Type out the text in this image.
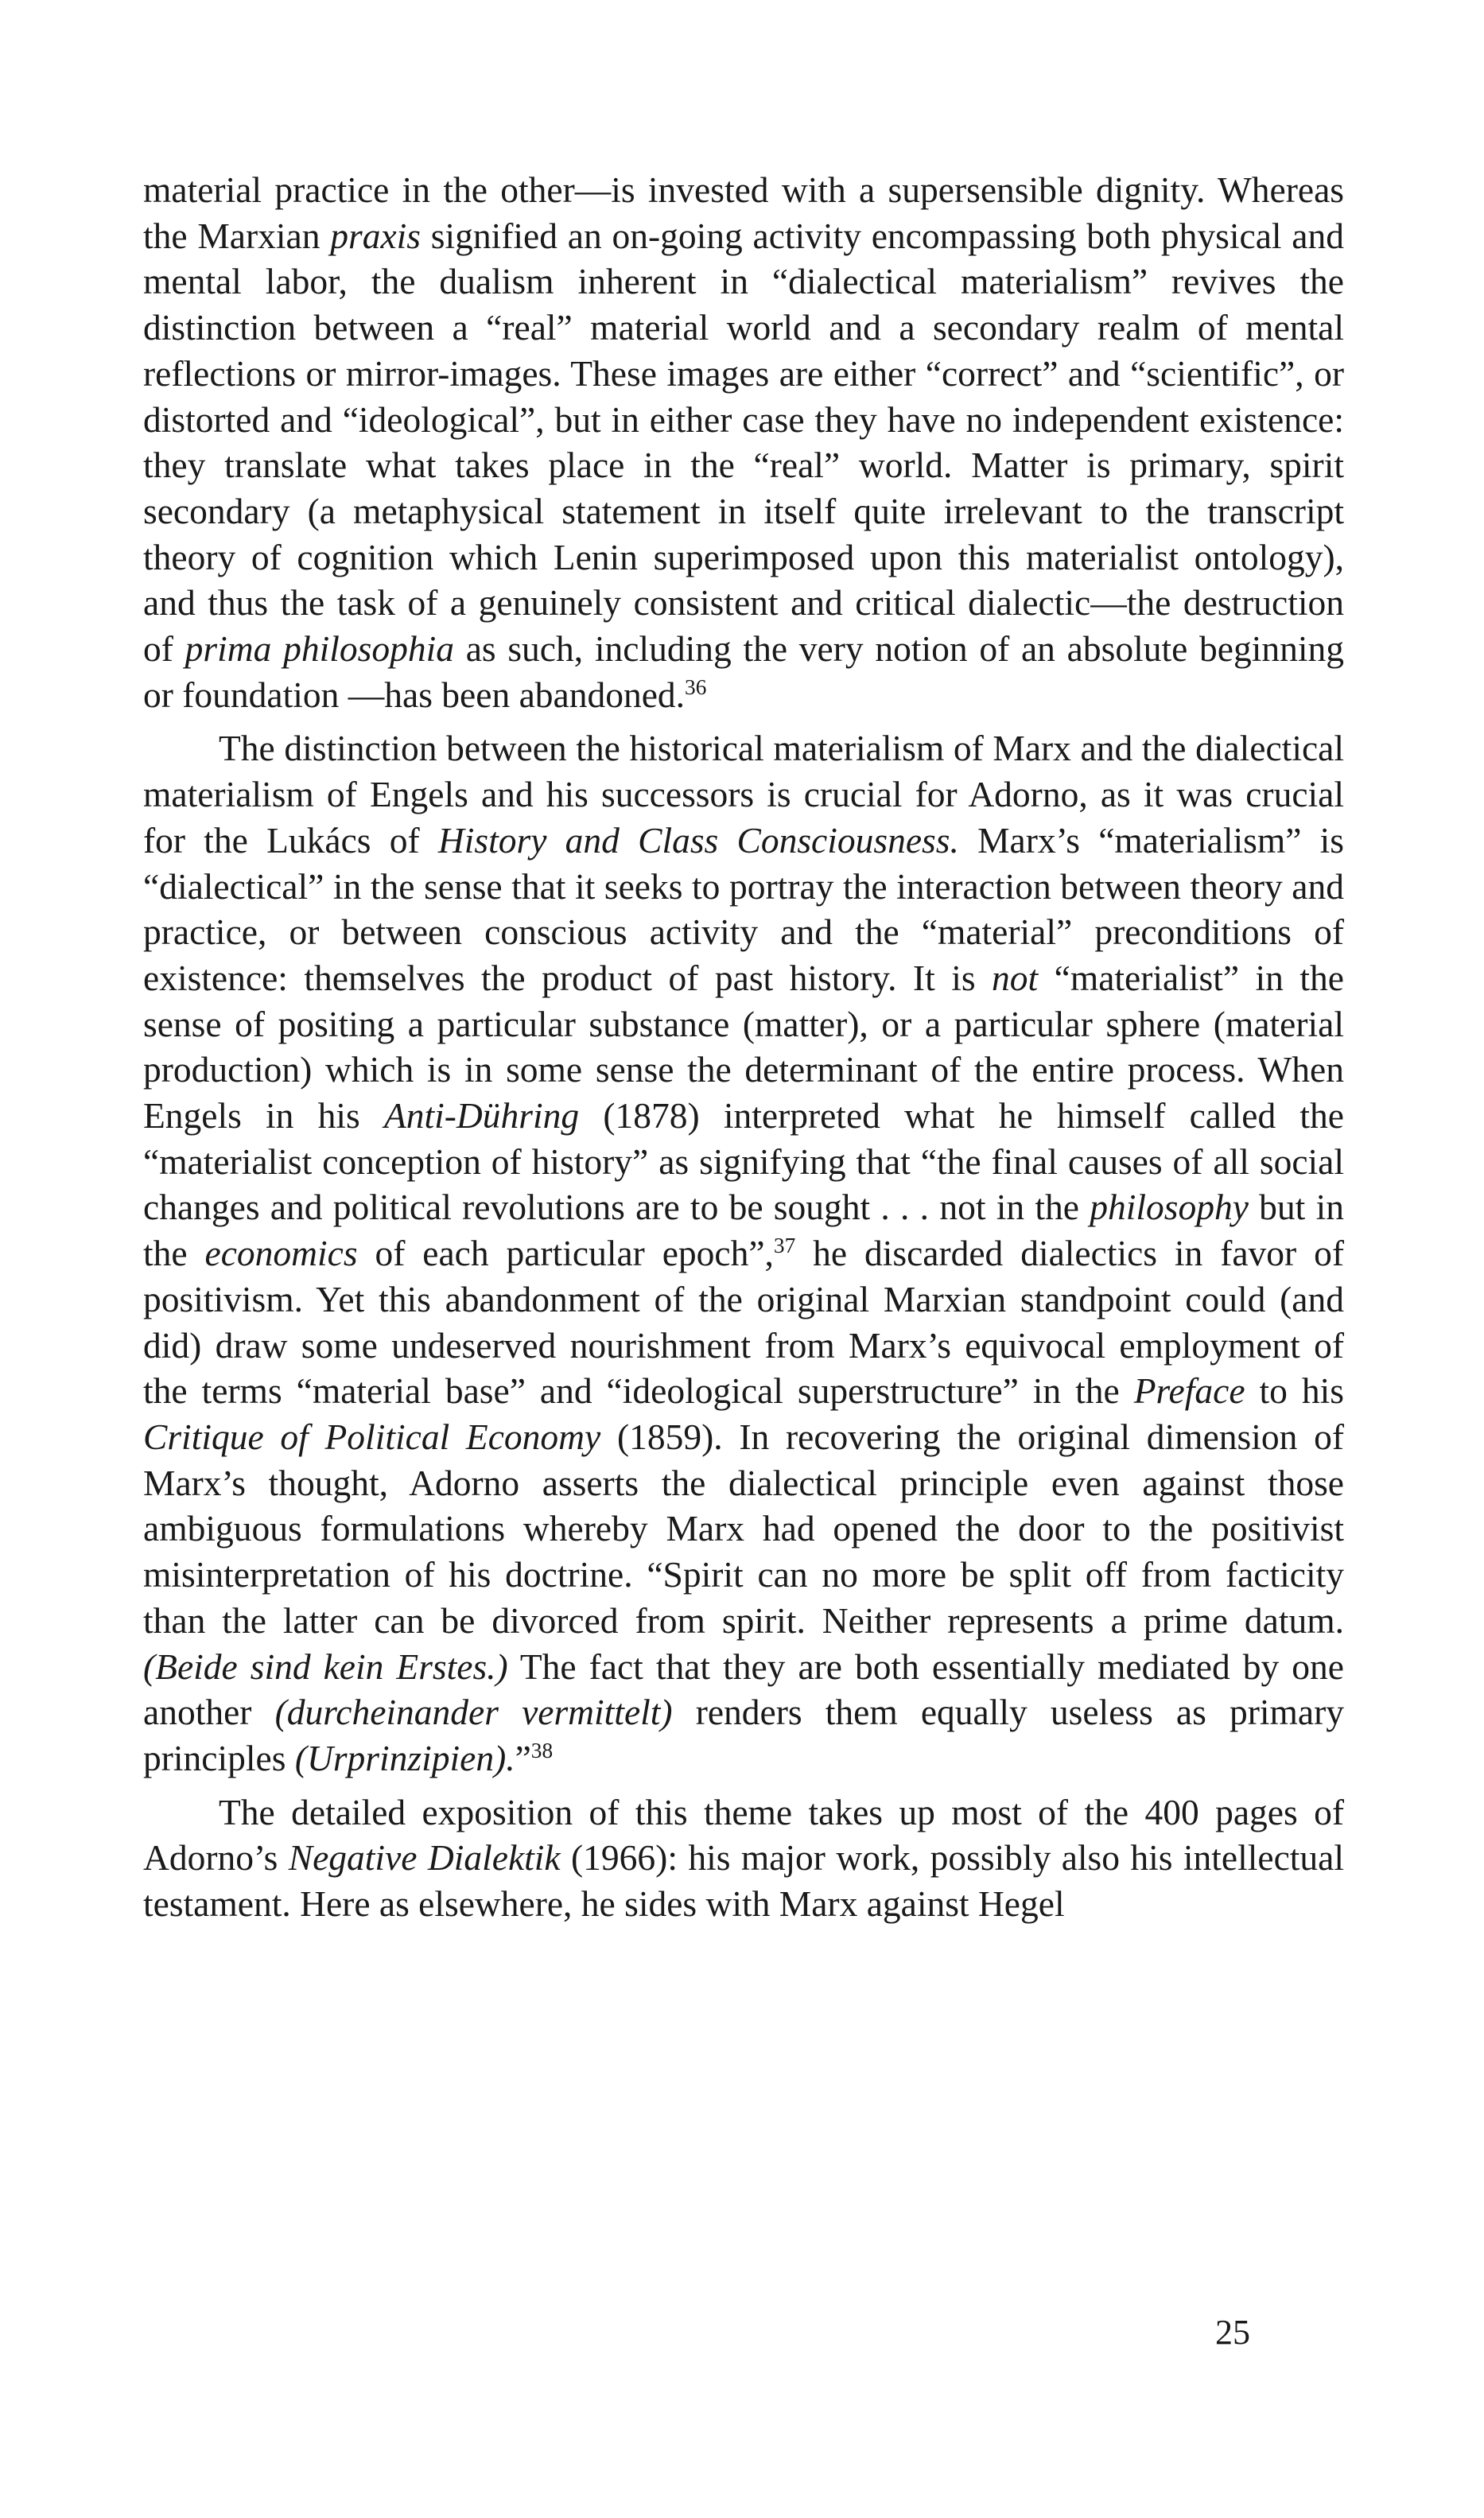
material practice in the other—is invested with a supersensible dignity. Whereas the Marxian praxis signified an on-going activity encompassing both physical and mental labor, the dualism inherent in “dialectical materialism” revives the distinction between a “real” material world and a secondary realm of mental reflections or mirror-images. These images are either “correct” and “scientific”, or distorted and “ideological”, but in either case they have no independent existence: they translate what takes place in the “real” world. Matter is primary, spirit secondary (a metaphysical statement in itself quite irrelevant to the transcript theory of cognition which Lenin superimposed upon this materialist ontology), and thus the task of a genuinely consistent and critical dialectic—the destruction of prima philosophia as such, including the very notion of an absolute beginning or foundation —has been abandoned.$^{36}$

The distinction between the historical materialism of Marx and the dialectical materialism of Engels and his successors is crucial for Adorno, as it was crucial for the Lukács of History and Class Consciousness. Marx’s “materialism” is “dialectical” in the sense that it seeks to portray the interaction between theory and practice, or between conscious activity and the “material” preconditions of existence: themselves the product of past history. It is not “materialist” in the sense of positing a particular substance (matter), or a particular sphere (material production) which is in some sense the determinant of the entire process. When Engels in his Anti-Dühring (1878) interpreted what he himself called the “materialist conception of history” as signifying that “the final causes of all social changes and political revolutions are to be sought . . . not in the philosophy but in the economics of each particular epoch”,$^{37}$ he discarded dialectics in favor of positivism. Yet this abandonment of the original Marxian standpoint could (and did) draw some undeserved nourishment from Marx’s equivocal employment of the terms “material base” and “ideological superstructure” in the Preface to his Critique of Political Economy (1859). In recovering the original dimension of Marx’s thought, Adorno asserts the dialectical principle even against those ambiguous formulations whereby Marx had opened the door to the positivist misinterpretation of his doctrine. “Spirit can no more be split off from facticity than the latter can be divorced from spirit. Neither represents a prime datum. (Beide sind kein Erstes.) The fact that they are both essentially mediated by one another (durcheinander vermittelt) renders them equally useless as primary principles (Urprinzipien).”$^{38}$

The detailed exposition of this theme takes up most of the 400 pages of Adorno’s Negative Dialektik (1966): his major work, possibly also his intellectual testament. Here as elsewhere, he sides with Marx against Hegel

25
